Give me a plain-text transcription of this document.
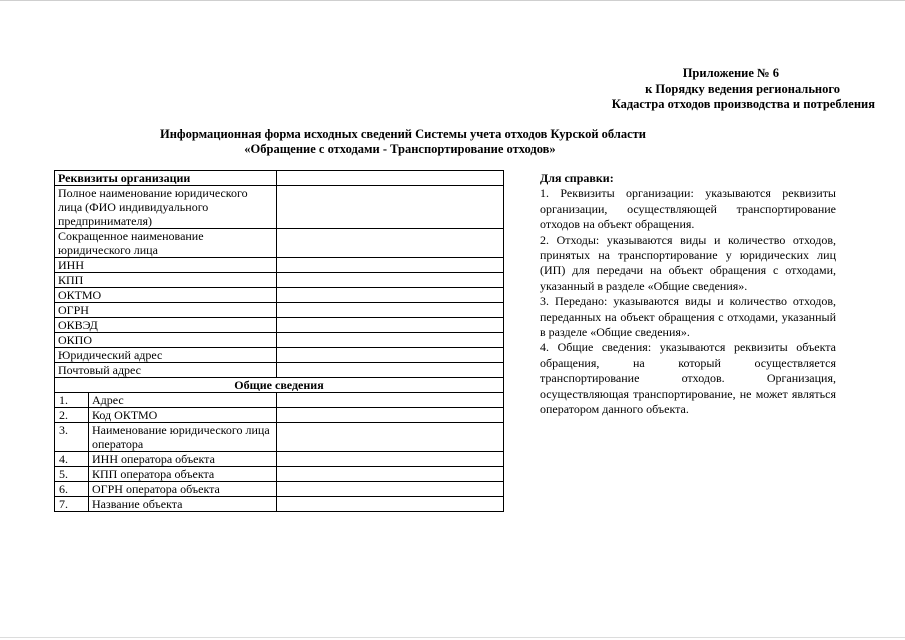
Приложение № 6
к Порядку ведения регионального
Кадастра отходов производства и потребления
Информационная форма исходных сведений Системы учета отходов Курской области
«Обращение с отходами - Транспортирование отходов»
Реквизиты организации		
Полное наименование юридического лица (ФИО индивидуального предпринимателя)		
Сокращенное наименование юридического лица		
ИНН		
КПП		
ОКТМО		
ОГРН		
ОКВЭД		
ОКПО		
Юридический адрес		
Почтовый адрес		
Общие сведения		
1.	Адрес	
2.	Код ОКТМО	
3.	Наименование юридического лица оператора	
4.	ИНН оператора объекта	
5.	КПП оператора объекта	
6.	ОГРН оператора объекта	
7.	Название объекта	
Для справки:

1. Реквизиты организации: указываются реквизиты организации, осуществляющей транспортирование отходов на объект обращения.

2. Отходы: указываются виды и количество отходов, принятых на транспортирование у юридических лиц (ИП) для передачи на объект обращения с отходами, указанный в разделе «Общие сведения».

3. Передано: указываются виды и количество отходов, переданных на объект обращения с отходами, указанный в разделе «Общие сведения».

4. Общие сведения: указываются реквизиты объекта обращения, на который осуществляется транспортирование отходов. Организация, осуществляющая транспортирование, не может являться оператором данного объекта.
